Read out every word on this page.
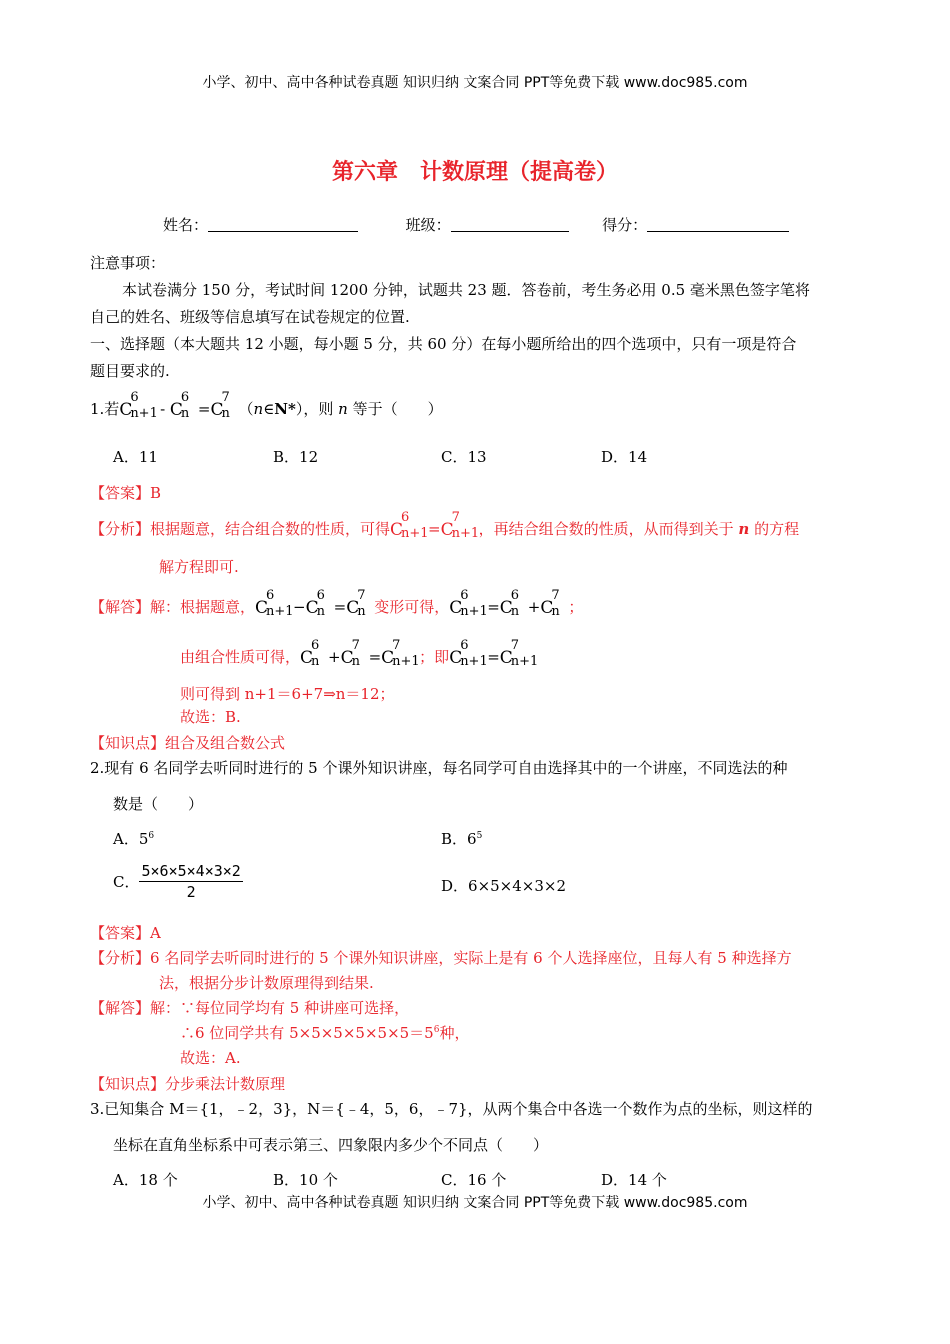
小学、初中、高中各种试卷真题 知识归纳 文案合同 PPT等免费下载 www.doc985.com
第六章　计数原理（提高卷）
姓名：	班级：	得分：
注意事项：
本试卷满分 150 分，考试时间 1200 分钟，试题共 23 题．答卷前，考生务必用 0.5 毫米黑色签字笔将
自己的姓名、班级等信息填写在试卷规定的位置.
一、选择题（本大题共 12 小题，每小题 5 分，共 60 分）在每小题所给出的四个选项中，只有一项是符合
题目要求的.
1.若 C
6
n+1
- C
6
n = C
7
n （n∈N*），则 n 等于（　　）
A．11	B．12	C．13	D．14
【答案】B
【分析】根据题意，结合组合数的性质，可得 C
6
n+1 = C
7
n+1 ，再结合组合数的性质，从而得到关于 n 的方程
解方程即可.
【解答】解：根据题意， C
6
n+1 − C
6
n = C
7
n 变形可得， C
6
n+1 = C
6
n + C
7
n ；
由组合性质可得， C
6
n + C
7
n = C
7
n+1 ；即 C
6
n+1 = C
7
n+1
则可得到 n+1＝6+7⇒n＝12；
故选：B.
【知识点】组合及组合数公式
2.现有 6 名同学去听同时进行的 5 个课外知识讲座，每名同学可自由选择其中的一个讲座，不同选法的种
数是（　　）
A．$5^6$	B．$6^5$
C． $\frac{5\times 6\times 5\times 4\times 3\times 2}{2}$	D．6×5×4×3×2
【答案】A
【分析】6 名同学去听同时进行的 5 个课外知识讲座，实际上是有 6 个人选择座位，且每人有 5 种选择方
法，根据分步计数原理得到结果.
【解答】解：∵每位同学均有 5 种讲座可选择，
∴6 位同学共有 $5\times 5\times 5\times 5\times 5\times 5=5^6$种，
故选：A.
【知识点】分步乘法计数原理
3.已知集合 M＝{1，﹣2，3}，N＝{﹣4，5，6，﹣7}，从两个集合中各选一个数作为点的坐标，则这样的
坐标在直角坐标系中可表示第三、四象限内多少个不同点（　　）
A．18 个	B．10 个	C．16 个	D．14 个
小学、初中、高中各种试卷真题 知识归纳 文案合同 PPT等免费下载 www.doc985.com
